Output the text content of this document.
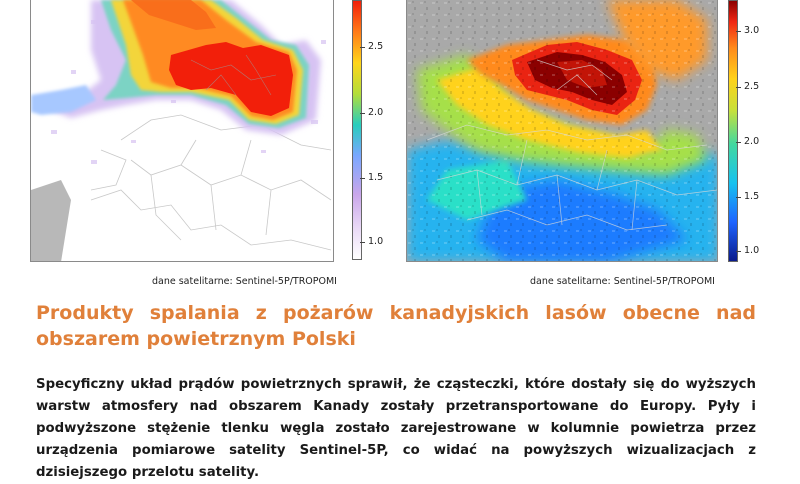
2.5
2.0
1.5
1.0
dane satelitarne: Sentinel-5P/TROPOMI
3.0
2.5
2.0
1.5
1.0
dane satelitarne: Sentinel-5P/TROPOMI
Produkty spalania z pożarów kanadyjskich lasów obecne nad obszarem powietrznym Polski
Specyficzny układ prądów powietrznych sprawił, że cząsteczki, które dostały się do wyższych warstw atmosfery nad obszarem Kanady zostały przetransportowane do Europy. Pyły i podwyższone stężenie tlenku węgla zostało zarejestrowane w kolumnie powietrza przez urządzenia pomiarowe satelity Sentinel-5P, co widać na powyższych wizualizacjach z dzisiejszego przelotu satelity.
